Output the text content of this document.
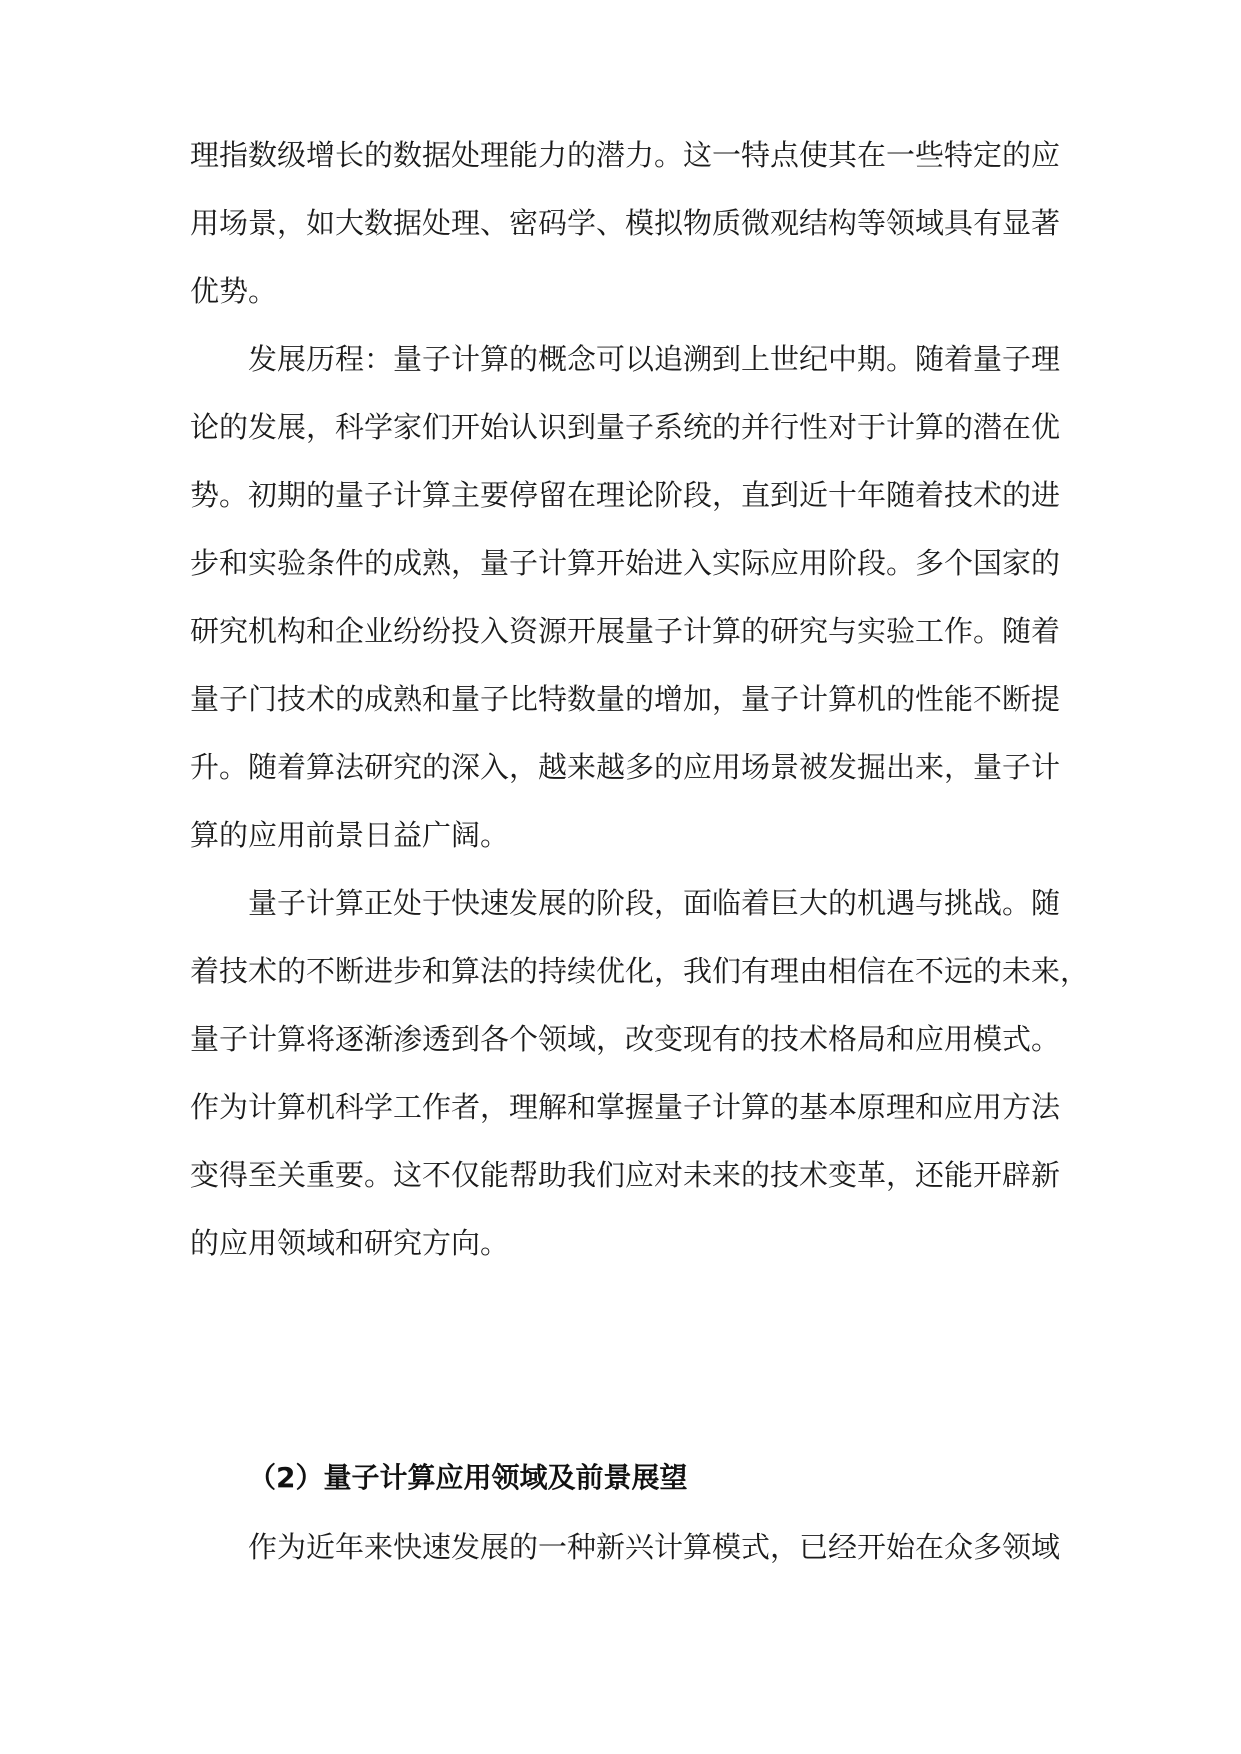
理指数级增长的数据处理能力的潜力。这一特点使其在一些特定的应

用场景，如大数据处理、密码学、模拟物质微观结构等领域具有显著

优势。

发展历程：量子计算的概念可以追溯到上世纪中期。随着量子理

论的发展，科学家们开始认识到量子系统的并行性对于计算的潜在优

势。初期的量子计算主要停留在理论阶段，直到近十年随着技术的进

步和实验条件的成熟，量子计算开始进入实际应用阶段。多个国家的

研究机构和企业纷纷投入资源开展量子计算的研究与实验工作。随着

量子门技术的成熟和量子比特数量的增加，量子计算机的性能不断提

升。随着算法研究的深入，越来越多的应用场景被发掘出来，量子计

算的应用前景日益广阔。

量子计算正处于快速发展的阶段，面临着巨大的机遇与挑战。随

着技术的不断进步和算法的持续优化，我们有理由相信在不远的未来，

量子计算将逐渐渗透到各个领域，改变现有的技术格局和应用模式。

作为计算机科学工作者，理解和掌握量子计算的基本原理和应用方法

变得至关重要。这不仅能帮助我们应对未来的技术变革，还能开辟新

的应用领域和研究方向。

（2）量子计算应用领域及前景展望

作为近年来快速发展的一种新兴计算模式，已经开始在众多领域
